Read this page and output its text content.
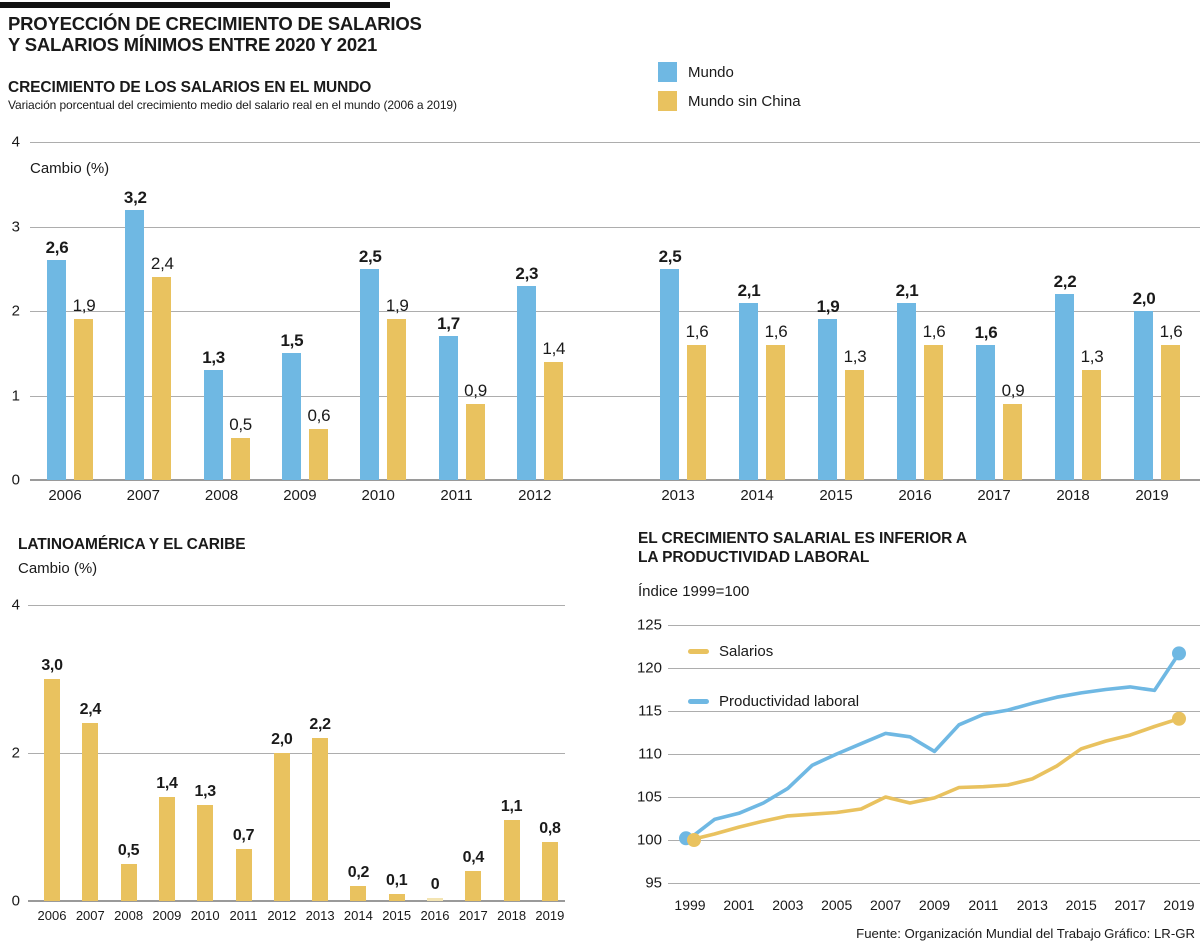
PROYECCIÓN DE CRECIMIENTO DE SALARIOS
Y SALARIOS MÍNIMOS ENTRE 2020 Y 2021
CRECIMIENTO DE LOS SALARIOS EN EL MUNDO
Variación porcentual del crecimiento medio del salario real en el mundo (2006 a 2019)
Mundo
Mundo sin China
Cambio (%)
0
1
2
3
4
2,6
1,9
2006
3,2
2,4
2007
1,3
0,5
2008
1,5
0,6
2009
2,5
1,9
2010
1,7
0,9
2011
2,3
1,4
2012
2,5
1,6
2013
2,1
1,6
2014
1,9
1,3
2015
2,1
1,6
2016
1,6
0,9
2017
2,2
1,3
2018
2,0
1,6
2019
LATINOAMÉRICA Y EL CARIBE
Cambio (%)
0
2
4
3,0
2006
2,4
2007
0,5
2008
1,4
2009
1,3
2010
0,7
2011
2,0
2012
2,2
2013
0,2
2014
0,1
2015
0
2016
0,4
2017
1,1
2018
0,8
2019
EL CRECIMIENTO SALARIAL ES INFERIOR A
LA PRODUCTIVIDAD LABORAL
Índice 1999=100
Salarios
Productividad laboral
95
100
105
110
115
120
125
1999	2001	2003	2005	2007	2009	2011	2013	2015	2017	2019
Fuente: Organización Mundial del Trabajo Gráfico: LR-GR
